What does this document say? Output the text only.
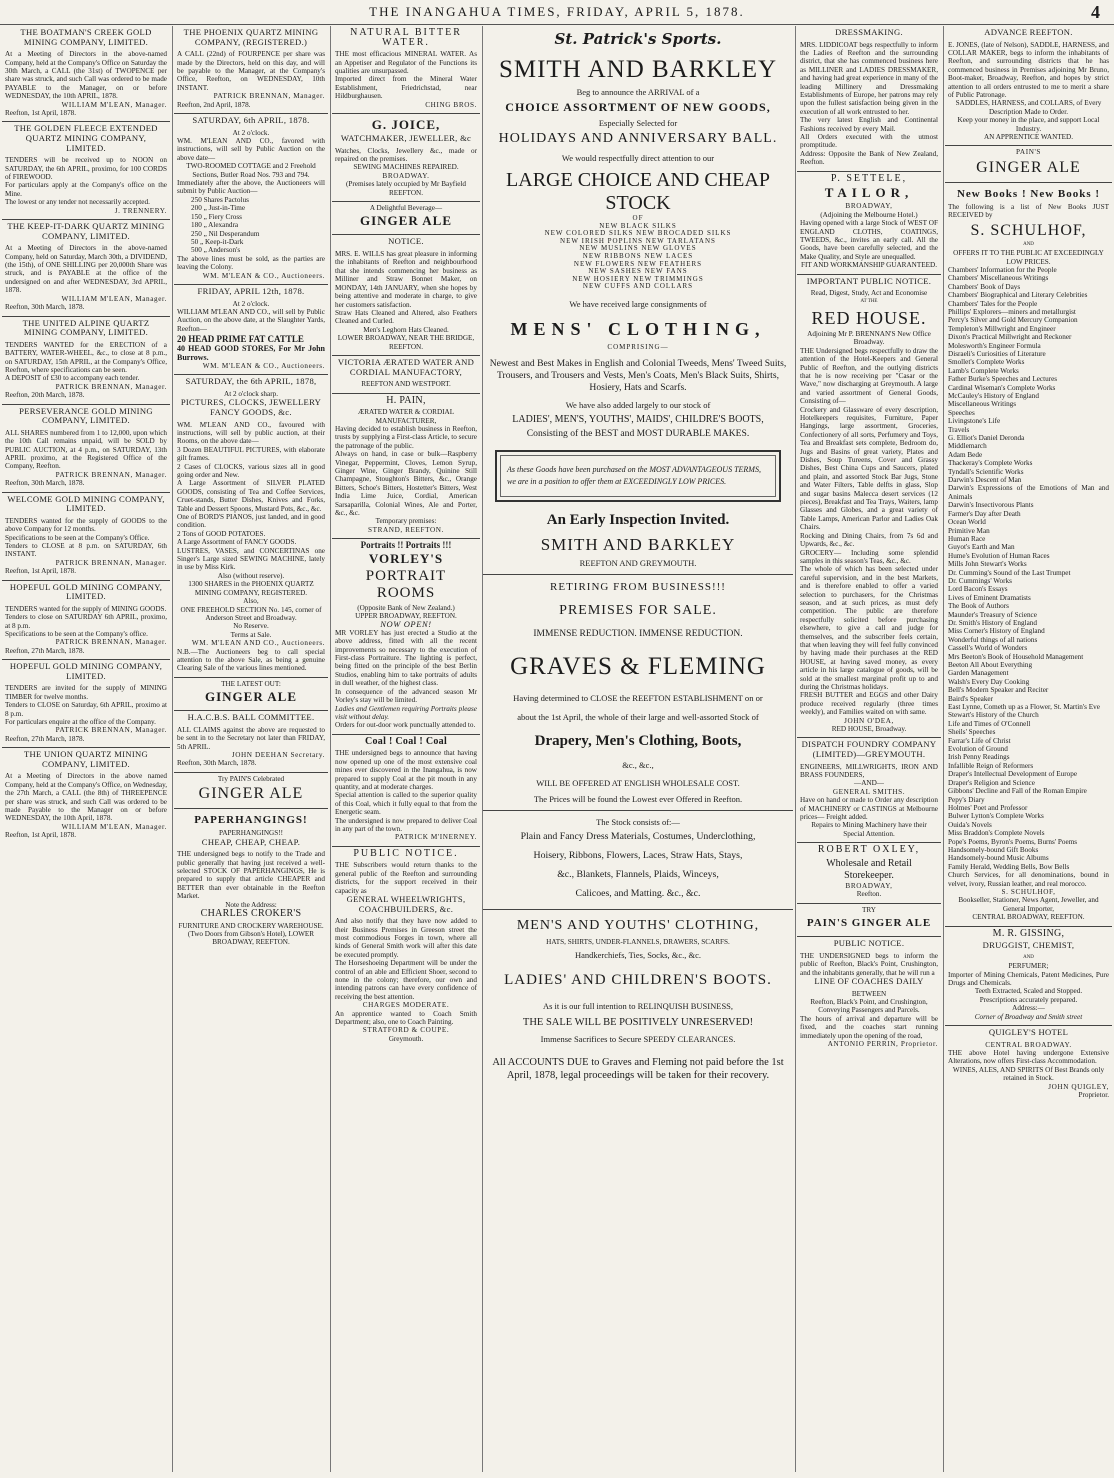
THE INANGAHUA TIMES, FRIDAY, APRIL 5, 1878.	4
THE BOATMAN'S CREEK GOLD MINING COMPANY, LIMITED.
At a Meeting of Directors in the above-named Company, held at the Company's Office on Saturday the 30th March, a CALL (the 31st) of TWOPENCE per share was struck, and such Call was ordered to be made PAYABLE to the Manager, on or before WEDNESDAY, the 10th APRIL, 1878.
WILLIAM M'LEAN, Manager.
Reefton, 1st April, 1878.
THE GOLDEN FLEECE EXTENDED QUARTZ MINING COMPANY, LIMITED.
TENDERS will be received up to NOON on SATURDAY, the 6th APRIL, proximo, for 100 CORDS of FIREWOOD.
For particulars apply at the Company's office on the Mine.
The lowest or any tender not necessarily accepted.
J. TRENNERY.
THE KEEP-IT-DARK QUARTZ MINING COMPANY, LIMITED.
At a Meeting of Directors in the above-named Company, held on Saturday, March 30th, a DIVIDEND, (the 15th), of ONE SHILLING per 20,000th Share was struck, and is PAYABLE at the office of the undersigned on and after WEDNESDAY, 3rd APRIL, 1878.
WILLIAM M'LEAN, Manager.
Reefton, 30th March, 1878.
THE UNITED ALPINE QUARTZ MINING COMPANY, LIMITED.
TENDERS WANTED for the ERECTION of a BATTERY, WATER-WHEEL, &c., to close at 8 p.m., on SATURDAY, 15th APRIL, at the Company's Office, Reefton, where specifications can be seen.
A DEPOSIT of £30 to accompany each tender.
PATRICK BRENNAN, Manager.
Reefton, 20th March, 1878.
PERSEVERANCE GOLD MINING COMPANY, LIMITED.
ALL SHARES numbered from 1 to 12,000, upon which the 10th Call remains unpaid, will be SOLD by PUBLIC AUCTION, at 4 p.m., on SATURDAY, 13th APRIL proximo, at the Registered Office of the Company, Reefton.
PATRICK BRENNAN, Manager.
Reefton, 30th March, 1878.
WELCOME GOLD MINING COMPANY, LIMITED.
TENDERS wanted for the supply of GOODS to the above Company for 12 months.
Specifications to be seen at the Company's Office.
Tenders to CLOSE at 8 p.m. on SATURDAY, 6th INSTANT.
PATRICK BRENNAN, Manager.
Reefton, 1st April, 1878.
HOPEFUL GOLD MINING COMPANY, LIMITED.
TENDERS wanted for the supply of MINING GOODS.
Tenders to close on SATURDAY 6th APRIL, proximo, at 8 p.m.
Specifications to be seen at the Company's office.
PATRICK BRENNAN, Manager.
Reefton, 27th March, 1878.
HOPEFUL GOLD MINING COMPANY, LIMITED.
TENDERS are invited for the supply of MINING TIMBER for twelve months.
Tenders to CLOSE on Saturday, 6th APRIL, proximo at 8 p.m.
For particulars enquire at the office of the Company.
PATRICK BRENNAN, Manager.
Reefton, 27th March, 1878.
THE UNION QUARTZ MINING COMPANY, LIMITED.
At a Meeting of Directors in the above named Company, held at the Company's Office, on Wednesday, the 27th March, a CALL (the 8th) of THREEPENCE per share was struck, and such Call was ordered to be made Payable to the Manager on or before WEDNESDAY, the 10th April, 1878.
WILLIAM M'LEAN, Manager.
Reefton, 1st April, 1878.
THE PHOENIX QUARTZ MINING COMPANY, (REGISTERED.)
A CALL (22nd) of FOURPENCE per share was made by the Directors, held on this day, and will be payable to the Manager, at the Company's Office, Reefton, on WEDNESDAY, 10th INSTANT.
PATRICK BRENNAN, Manager.
Reefton, 2nd April, 1878.
SATURDAY, 6th APRIL, 1878.
At 2 o'clock.
WM. M'LEAN AND CO., favored with instructions, will sell by Public Auction on the above date—
TWO-ROOMED COTTAGE and 2 Freehold Sections, Butler Road Nos. 793 and 794.
Immediately after the above, the Auctioneers will submit by Public Auction—
250 Shares Pactolus
200 „ Just-in-Time
150 „ Fiery Cross
180 „ Alexandra
250 „ Nil Desperandum
50 „ Keep-it-Dark
500 „ Anderson's
The above lines must be sold, as the parties are leaving the Colony.
WM. M'LEAN & CO., Auctioneers.
FRIDAY, APRIL 12th, 1878.
At 2 o'clock.
WILLIAM M'LEAN AND CO., will sell by Public Auction, on the above date, at the Slaughter Yards, Reefton—
20 HEAD PRIME FAT CATTLE
40 HEAD GOOD STORES, For Mr John Burrows.
WM. M'LEAN & CO., Auctioneers.
SATURDAY, the 6th APRIL, 1878,
At 2 o'clock sharp.
PICTURES, CLOCKS, JEWELLERY FANCY GOODS, &c.
WM. M'LEAN AND CO., favoured with instructions, will sell by public auction, at their Rooms, on the above date—
3 Dozen BEAUTIFUL PICTURES, with elaborate gilt frames.
2 Cases of CLOCKS, various sizes all in good going order and New.
A Large Assortment of SILVER PLATED GOODS, consisting of Tea and Coffee Services, Cruet-stands, Butter Dishes, Knives and Forks, Table and Dessert Spoons, Mustard Pots, &c., &c.
One of BORD'S PIANOS, just landed, and in good condition.
2 Tons of GOOD POTATOES.
A Large Assortment of FANCY GOODS.
LUSTRES, VASES, and CONCERTINAS one Singer's Large sized SEWING MACHINE, lately in use by Miss Kirk.
Also (without reserve).
1300 SHARES in the PHOENIX QUARTZ MINING COMPANY, REGISTERED.
Also,
ONE FREEHOLD SECTION No. 145, corner of Anderson Street and Broadway.
No Reserve.
Terms at Sale.
WM. M'LEAN AND CO., Auctioneers.
N.B.—The Auctioneers beg to call special attention to the above Sale, as being a genuine Clearing Sale of the various lines mentioned.
THE LATEST OUT:
GINGER ALE
H.A.C.B.S. BALL COMMITTEE.
ALL CLAIMS against the above are requested to be sent in to the Secretary not later than FRIDAY, 5th APRIL.
JOHN DEEHAN Secretary.
Reefton, 30th March, 1878.
Try PAIN'S Celebrated
GINGER ALE
PAPERHANGINGS!
PAPERHANGINGS!!
CHEAP, CHEAP, CHEAP.
THE undersigned begs to notify to the Trade and public generally that having just received a well-selected STOCK OF PAPERHANGINGS, He is prepared to supply that article CHEAPER and BETTER than ever obtainable in the Reefton Market.
Note the Address:
CHARLES CROKER'S
FURNITURE AND CROCKERY WAREHOUSE.
(Two Doors from Gibson's Hotel), LOWER BROADWAY, REEFTON.
NATURAL BITTER WATER.
THE most efficacious MINERAL WATER. As an Appetiser and Regulator of the Functions its qualities are unsurpassed.
Imported direct from the Mineral Water Establishment, Friedrichstad, near Hildburghausen.
CHING BROS.
G. JOICE,
WATCHMAKER, JEWELLER, &c
Watches, Clocks, Jewellery &c., made or repaired on the premises.
SEWING MACHINES REPAIRED.
BROADWAY.
(Premises lately occupied by Mr Bayfield
REEFTON.
A Delightful Beverage—
GINGER ALE
NOTICE.
MRS. E. WILLS has great pleasure in informing the inhabitants of Reefton and neighbourhood that she intends commencing her business as Milliner and Straw Bonnet Maker, on MONDAY, 14th JANUARY, when she hopes by being attentive and moderate in charge, to give her customers satisfaction.
Straw Hats Cleaned and Altered, also Feathers Cleaned and Curled.
Men's Leghorn Hats Cleaned.
LOWER BROADWAY, NEAR THE BRIDGE, REEFTON.
VICTORIA ÆRATED WATER AND CORDIAL MANUFACTORY,
REEFTON AND WESTPORT.
H. PAIN,
ÆRATED WATER & CORDIAL MANUFACTURER,
Having decided to establish business in Reefton, trusts by supplying a First-class Article, to secure the patronage of the public.
Always on hand, in case or bulk—Raspberry Vinegar, Peppermint, Cloves, Lemon Syrup, Ginger Wine, Ginger Brandy, Quinine Still Champagne, Stoughton's Bitters, &c., Orange Bitters, Schoe's Bitters, Hostetter's Bitters, West India Lime Juice, Cordial, American Sarsaparilla, Colonial Wines, Ale and Porter, &c., &c.
Temporary premises:
STRAND, REEFTON.
Portraits !! Portraits !!!
VORLEY'S
PORTRAIT ROOMS
(Opposite Bank of New Zealand.)
UPPER BROADWAY, REEFTON.
NOW OPEN!
MR VORLEY has just erected a Studio at the above address, fitted with all the recent improvements so necessary to the execution of First-class Portraiture. The lighting is perfect, being fitted on the principle of the best Berlin Studios, enabling him to take portraits of adults in dull weather, of the highest class.
In consequence of the advanced season Mr Vorley's stay will be limited.
Ladies and Gentlemen requiring Portraits please visit without delay.
Orders for out-door work punctually attended to.
Coal ! Coal ! Coal
THE undersigned begs to announce that having now opened up one of the most extensive coal mines ever discovered in the Inangahua, is now prepared to supply Coal at the pit mouth in any quantity, and at moderate charges.
Special attention is called to the superior quality of this Coal, which it fully equal to that from the Energetic seam.
The undersigned is now prepared to deliver Coal in any part of the town.
PATRICK M'INERNEY.
PUBLIC NOTICE.
THE Subscribers would return thanks to the general public of the Reefton and surrounding districts, for the support received in their capacity as
GENERAL WHEELWRIGHTS, COACHBUILDERS, &c.
And also notify that they have now added to their Business Premises in Greeson street the most commodious Forges in town, where all kinds of General Smith work will after this date be executed promptly.
The Horseshoeing Department will be under the control of an able and Efficient Shoer, second to none in the colony; therefore, our own and intending patrons can have every confidence of receiving the best attention.
CHARGES MODERATE.
An apprentice wanted to Coach Smith Department; also, one to Coach Painting.
STRATFORD & COUPE.
Greymouth.
St. Patrick's Sports.
SMITH AND BARKLEY
Beg to announce the ARRIVAL of a
CHOICE ASSORTMENT OF NEW GOODS,
Especially Selected for
HOLIDAYS AND ANNIVERSARY BALL.
We would respectfully direct attention to our
LARGE CHOICE AND CHEAP STOCK
OF
NEW BLACK SILKS
NEW COLORED SILKS NEW BROCADED SILKS
NEW IRISH POPLINS NEW TARLATANS
NEW MUSLINS NEW GLOVES
NEW RIBBONS NEW LACES
NEW FLOWERS NEW FEATHERS
NEW SASHES NEW FANS
NEW HOSIERY NEW TRIMMINGS
NEW CUFFS AND COLLARS
We have received large consignments of
MENS' CLOTHING,
COMPRISING—
Newest and Best Makes in English and Colonial Tweeds, Mens' Tweed Suits, Trousers, and Trousers and Vests, Men's Coats, Men's Black Suits, Shirts, Hosiery, Hats and Scarfs.
We have also added largely to our stock of
LADIES', MEN'S, YOUTHS', MAIDS', CHILDRE'S BOOTS,
Consisting of the BEST and MOST DURABLE MAKES.
As these Goods have been purchased on the MOST ADVANTAGEOUS TERMS, we are in a position to offer them at EXCEEDINGLY LOW PRICES.
An Early Inspection Invited.
SMITH AND BARKLEY
REEFTON AND GREYMOUTH.
RETIRING FROM BUSINESS!!!
PREMISES FOR SALE.
IMMENSE REDUCTION. IMMENSE REDUCTION.
GRAVES & FLEMING
Having determined to CLOSE the REEFTON ESTABLISHMENT on or about the 1st April, the whole of their large and well-assorted Stock of
Drapery, Men's Clothing, Boots,
&c., &c.,
WILL BE OFFERED AT ENGLISH WHOLESALE COST.
The Prices will be found the Lowest ever Offered in Reefton.
The Stock consists of:—
Plain and Fancy Dress Materials, Costumes, Underclothing,
Hoisery, Ribbons, Flowers, Laces, Straw Hats, Stays,
&c., Blankets, Flannels, Plaids, Winceys,
Calicoes, and Matting. &c., &c.
MEN'S AND YOUTHS' CLOTHING,
HATS, SHIRTS, UNDER-FLANNELS, DRAWERS, SCARFS.
Handkerchiefs, Ties, Socks, &c., &c.
LADIES' AND CHILDREN'S BOOTS.
As it is our full intention to RELINQUISH BUSINESS,
THE SALE WILL BE POSITIVELY UNRESERVED!
Immense Sacrifices to Secure SPEEDY CLEARANCES.
All ACCOUNTS DUE to Graves and Fleming not paid before the 1st April, 1878, legal proceedings will be taken for their recovery.
DRESSMAKING.
MRS. LIDDICOAT begs respectfully to inform the Ladies of Reefton and the surrounding district, that she has commenced business here as MILLINER and LADIES DRESSMAKER, and having had great experience in many of the leading Millinery and Dressmaking Establishments of Europe, her patrons may rely upon the fullest satisfaction being given in the execution of all work entrusted to her.
The very latest English and Continental Fashions received by every Mail.
All Orders executed with the utmost promptitude.
Address: Opposite the Bank of New Zealand, Reefton.
P. SETTELE,
TAILOR,
BROADWAY,
(Adjoining the Melbourne Hotel.)
Having opened with a large Stock of WEST OF ENGLAND CLOTHS, COATINGS, TWEEDS, &c., invites an early call. All the Goods, have been carefully selected, and the Make Quality, and Style are unequalled.
FIT AND WORKMANSHIP GUARANTEED.
IMPORTANT PUBLIC NOTICE.
Read, Digest, Study, Act and Economise
AT THE
RED HOUSE.
Adjoining Mr P. BRENNAN'S New Office Broadway.
THE Undersigned begs respectfully to draw the attention of the Hotel-Keepers and General Public of Reefton, and the outlying districts that he is now receiving per "Casar or the Wave," now discharging at Greymouth. A large and varied assortment of General Goods, Consisting of—
Crockery and Glassware of every description, Hotelkeepers requisites, Furniture, Paper Hangings, large assortment, Groceries, Confectionery of all sorts, Perfumery and Toys, Tea and Breakfast sets complete, Bedroom do, Jugs and Basins of great variety, Plates and Dishes, Soup Tureens, Cover and Grassy Dishes, Best China Cups and Saucers, plated and plain, and assorted Stock Bar Jugs, Stone and Water Filters, Table delfts in glass, Slop and sugar basins Malecca desert services (12 pieces), Breakfast and Tea Trays, Waiters, lamp Glasses and Globes, and a great variety of Table Lamps, American Parlor and Ladies Oak Chairs.
Rocking and Dining Chairs, from 7s 6d and Upwards, &c., &c.
GROCERY— Including some splendid samples in this season's Teas, &c., &c.
The whole of which has been selected under careful supervision, and in the best Markets, and is therefore enabled to offer a varied selection to purchasers, for the Christmas season, and at such prices, as must defy competition. The public are therefore respectfully solicited before purchasing elsewhere, to give a call and judge for themselves, and the subscriber feels certain, that when leaving they will feel fully convinced by having made their purchases at the RED HOUSE, at having saved money, as every article in his large catalogue of goods, will be sold at the smallest marginal profit up to and during the Christmas holidays.
FRESH BUTTER and EGGS and other Dairy produce received regularly (three times weekly), and Families waited on with same.
JOHN O'DEA,
RED HOUSE, Broadway.
DISPATCH FOUNDRY COMPANY (LIMITED)—GREYMOUTH.
ENGINEERS, MILLWRIGHTS, IRON AND BRASS FOUNDERS,
—AND—
GENERAL SMITHS.
Have on hand or made to Order any description of MACHINERY or CASTINGS at Melbourne prices— Freight added.
Repairs to Mining Machinery have their Special Attention.
ROBERT OXLEY,
Wholesale and Retail
Storekeeper.
BROADWAY,
Reefton.
TRY
PAIN'S GINGER ALE
PUBLIC NOTICE.
THE UNDERSIGNED begs to inform the public of Reefton, Black's Point, Crushington, and the inhabitants generally, that he will run a
LINE OF COACHES DAILY
BETWEEN
Reefton, Black's Point, and Crushington,
Conveying Passengers and Parcels.
The hours of arrival and departure will be fixed, and the coaches start running immediately upon the opening of the road,
ANTONIO PERRIN, Proprietor.
ADVANCE REEFTON.
E. JONES, (late of Nelson), SADDLE, HARNESS, and COLLAR MAKER, begs to inform the inhabitants of Reefton, and surrounding districts that he has commenced business in Premises adjoining Mr Bruno, Boot-maker, Broadway, Reefton, and hopes by strict attention to all orders entrusted to me to merit a share of Public Patronage.
SADDLES, HARNESS, and COLLARS, of Every Description Made to Order.
Keep your money in the place, and support Local Industry.
AN APPRENTICE WANTED.
PAIN'S
GINGER ALE
New Books ! New Books !
The following is a list of New Books JUST RECEIVED by
S. SCHULHOF,
AND
OFFERS IT TO THE PUBLIC AT EXCEEDINGLY LOW PRICES.
Chambers' Information for the People
Chambers' Miscellaneous Writings
Chambers' Book of Days
Chambers' Biographical and Literary Celebrities
Chambers' Tales for the People
Phillips' Explorers—miners and metallurgist
Percy's Silver and Gold Mercury Companion
Templeton's Millwright and Engineer
Dixon's Practical Millwright and Reckoner
Molesworth's Engineer Formula
Disraeli's Curiosities of Literature
Smollet's Complete Works
Lamb's Complete Works
Father Burke's Speeches and Lectures
Cardinal Wiseman's Complete Works
McCauley's History of England
Miscellaneous Writings
Speeches
Livingstone's Life
Travels
G. Elliot's Daniel Deronda
Middlemarch
Adam Bede
Thackeray's Complete Works
Tyndall's Scientific Works
Darwin's Descent of Man
Darwin's Expressions of the Emotions of Man and Animals
Darwin's Insectivorous Plants
Farmer's Day after Death
Ocean World
Primitive Man
Human Race
Guyot's Earth and Man
Hume's Evolution of Human Races
Mills John Stewart's Works
Dr. Cumming's Sound of the Last Trumpet
Dr. Cummings' Works
Lord Bacon's Essays
Lives of Eminent Dramatists
The Book of Authors
Maunder's Treasury of Science
Dr. Smith's History of England
Miss Corner's History of England
Wonderful things of all nations
Cassell's World of Wonders
Mrs Beeton's Book of Household Management
Beeton All About Everything
Garden Management
Walsh's Every Day Cooking
Bell's Modern Speaker and Reciter
Baird's Speaker
East Lynne, Cometh up as a Flower, St. Martin's Eve
Stewart's History of the Church
Life and Times of O'Connell
Sheils' Speeches
Farrar's Life of Christ
Evolution of Ground
Irish Penny Readings
Infallible Reign of Reformers
Draper's Intellectual Development of Europe
Draper's Religion and Science
Gibbons' Decline and Fall of the Roman Empire
Pepy's Diary
Holmes' Poet and Professor
Bulwer Lytton's Complete Works
Ouida's Novels
Miss Braddon's Complete Novels
Pope's Poems, Byron's Poems, Burns' Poems
Handsomely-bound Gift Books
Handsomely-bound Music Albums
Family Herald, Wedding Bells, Bow Bells
Church Services, for all denominations, bound in velvet, ivory, Russian leather, and real morocco.
S. SCHULHOF,
Bookseller, Stationer, News Agent, Jeweller, and General Importer,
CENTRAL BROADWAY, REEFTON.
M. R. GISSING,
DRUGGIST, CHEMIST,
AND
PERFUMER;
Importer of Mining Chemicals, Patent Medicines, Pure Drugs and Chemicals.
Teeth Extracted, Scaled and Stopped.
Prescriptions accurately prepared.
Address:—
Corner of Broadway and Smith street
QUIGLEY'S HOTEL
CENTRAL BROADWAY.
THE above Hotel having undergone Extensive Alterations, now offers First-class Accommodation.
WINES, ALES, AND SPIRITS Of Best Brands only retained in Stock.
JOHN QUIGLEY,
Proprietor.
